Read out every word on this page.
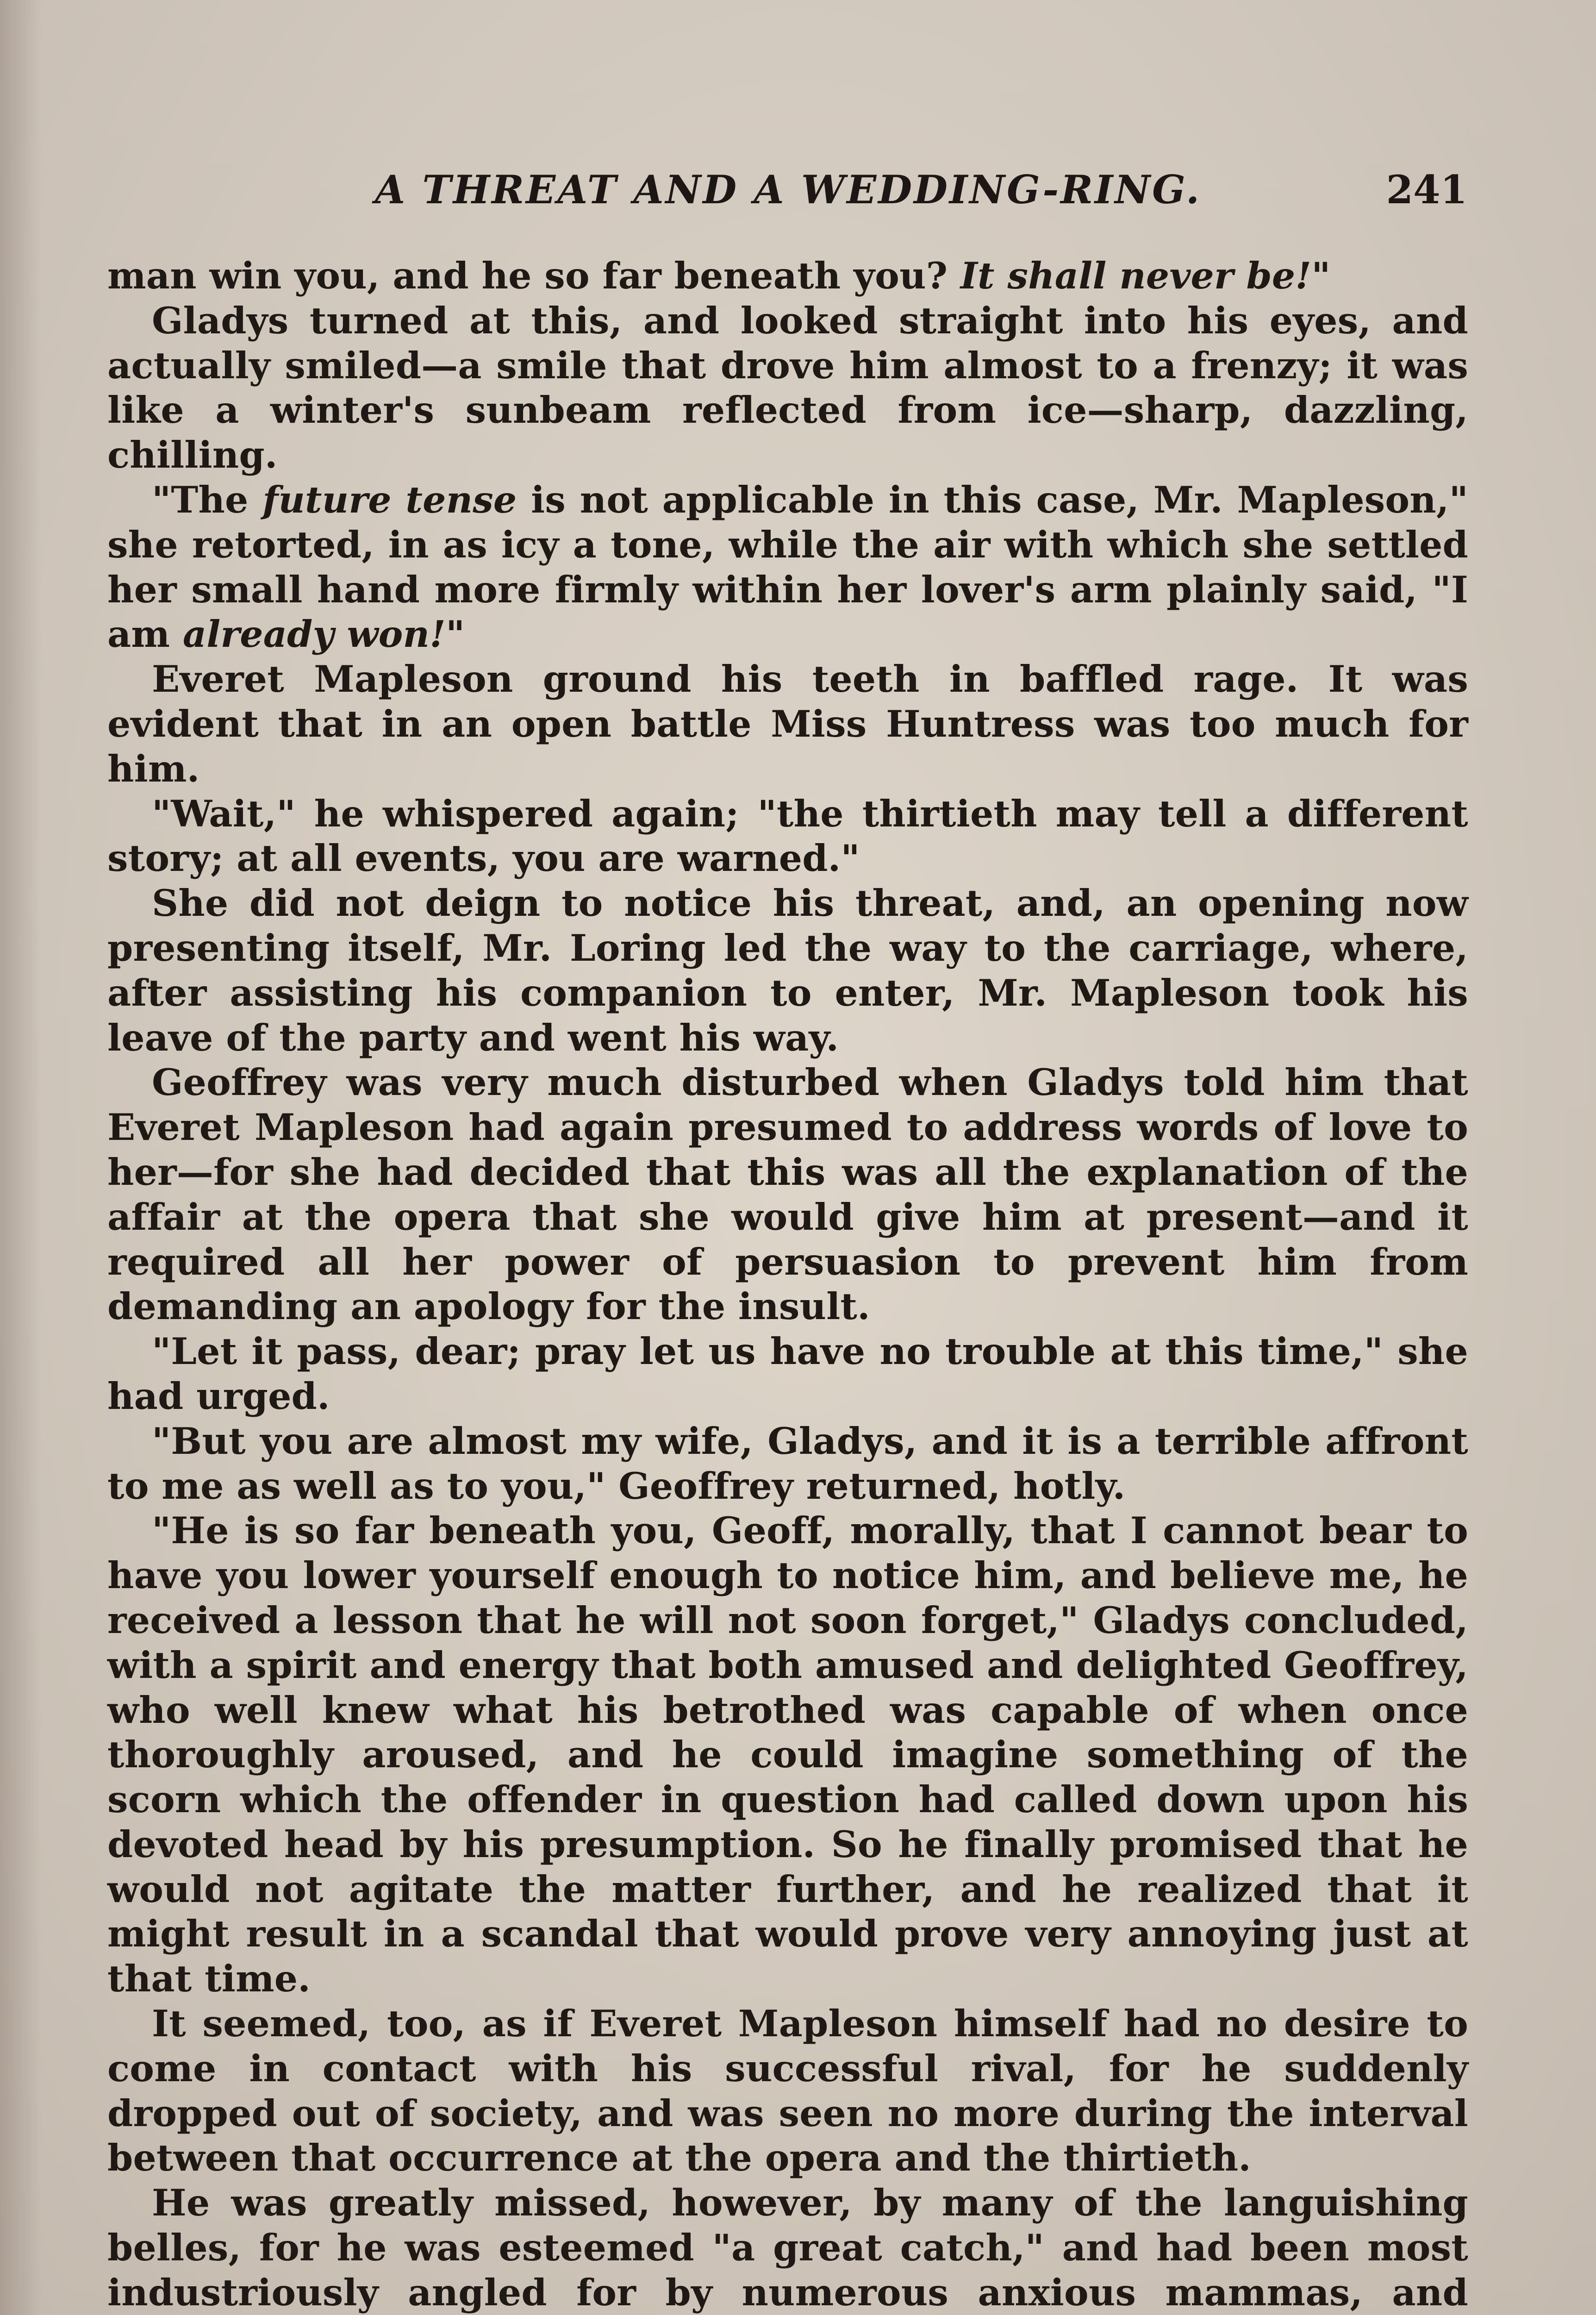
A THREAT AND A WEDDING-RING.	241

man win you, and he so far beneath you? It shall never be!"

Gladys turned at this, and looked straight into his eyes, and actually smiled—a smile that drove him almost to a frenzy; it was like a winter's sunbeam reflected from ice—sharp, dazzling, chilling.

"The future tense is not applicable in this case, Mr. Mapleson," she retorted, in as icy a tone, while the air with which she settled her small hand more firmly within her lover's arm plainly said, "I am already won!"

Everet Mapleson ground his teeth in baffled rage. It was evident that in an open battle Miss Huntress was too much for him.

"Wait," he whispered again; "the thirtieth may tell a different story; at all events, you are warned."

She did not deign to notice his threat, and, an opening now presenting itself, Mr. Loring led the way to the carriage, where, after assisting his companion to enter, Mr. Mapleson took his leave of the party and went his way.

Geoffrey was very much disturbed when Gladys told him that Everet Mapleson had again presumed to address words of love to her—for she had decided that this was all the explanation of the affair at the opera that she would give him at present—and it required all her power of persuasion to prevent him from demanding an apology for the insult.

"Let it pass, dear; pray let us have no trouble at this time," she had urged.

"But you are almost my wife, Gladys, and it is a terrible affront to me as well as to you," Geoffrey returned, hotly.

"He is so far beneath you, Geoff, morally, that I cannot bear to have you lower yourself enough to notice him, and believe me, he received a lesson that he will not soon forget," Gladys concluded, with a spirit and energy that both amused and delighted Geoffrey, who well knew what his betrothed was capable of when once thoroughly aroused, and he could imagine something of the scorn which the offender in question had called down upon his devoted head by his presumption. So he finally promised that he would not agitate the matter further, and he realized that it might result in a scandal that would prove very annoying just at that time.

It seemed, too, as if Everet Mapleson himself had no desire to come in contact with his successful rival, for he suddenly dropped out of society, and was seen no more during the interval between that occurrence at the opera and the thirtieth.

He was greatly missed, however, by many of the languishing belles, for he was esteemed "a great catch," and had been most industriously angled for by numerous anxious mammas, and
